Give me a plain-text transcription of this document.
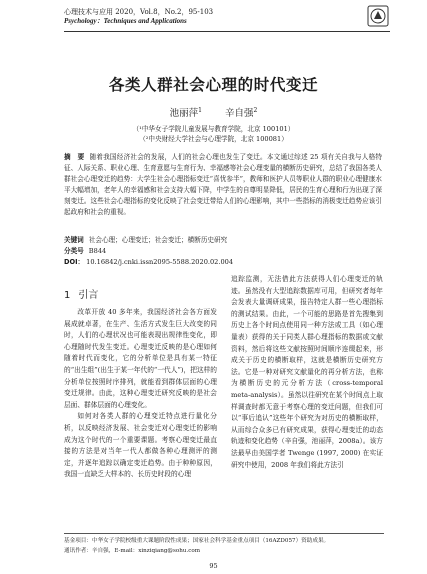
心理技术与应用 2020，Vol.8，No.2，95-103
Psychology：Techniques and Applications
各类人群社会心理的时代变迁
池丽萍$^1$ 辛自强$^2$
（¹中华女子学院儿童发展与教育学院，北京 100101）
（²中央财经大学社会与心理学院，北京 100081）
摘　要 随着我国经济社会的发展，人们的社会心理也发生了变迁。本文通过综述 25 项有关自我与人格特征、人际关系、职业心理、生育意愿与生育行为、幸福感等社会心理变量的横断历史研究，总结了我国各类人群社会心理变迁的趋势：大学生社会心理指标变迁“喜忧参半”，教师和医护人员等职业人群的职业心理健康水平大幅增加，老年人的幸福感和社会支持大幅下降，中学生的自尊明显降低，居民的生育心理和行为出现了深刻变迁。这些社会心理指标的变化反映了社会变迁带给人们的心理影响，其中一些指标的消极变迁趋势应该引起政府和社会的重视。
关键词 社会心理；心理变迁；社会变迁；横断历史研究
分类号 B844
DOI： 10.16842/j.cnki.issn2095-5588.2020.02.004
1 引言

改革开放 40 多年来，我国经济社会各方面发展成就卓著，在生产、生活方式发生巨大改变的同时，人们的心理状况也可能表现出规律性变化，即心理随时代发生变迁。心理变迁反映的是心理如何随着时代而变化，它的分析单位是具有某一特征的“出生组”(出生于某一年代的“一代人”)，把这样的分析单位按照时序排列，就能看到群体层面的心理变迁规律。由此，这种心理变迁研究反映的是社会层面、群体层面的心理变化。

如何对各类人群的心理变迁特点进行量化分析，以反映经济发展、社会变迁对心理变迁的影响成为这个时代的一个重要课题。考察心理变迁最直接的方法是对当年一代人都做各种心理测评的测定，并逐年追踪以确定变迁趋势。由于种种原因，我国一直缺乏大样本的、长历史时段的心理

追踪监测，无法借此方法获得人们心理变迁的轨迹。虽然没有大型追踪数据库可用，但研究者每年会发表大量调研成果，报告特定人群一些心理指标的测试结果。由此，一个可能的思路是首先搜集到历史上各个时间点使用同一种方法或工具（如心理量表）获得的关于同类人群心理指标的数据或文献资料，然后将这些文献按照时间顺序连缀起来，形成关于历史的横断取样，这就是横断历史研究方法。它是一种对研究文献量化的再分析方法，也称为横断历史的元分析方法（cross-temporal meta-analysis）。虽然以往研究在某个时间点上取样调查时都无意于考察心理的变迁问题，但我们可以“事后追认”这些年个研究为对历史的横断取样，从而综合众多已有研究成果，获得心理变迁的动态轨迹和变化趋势（辛自强，池丽萍，2008a）。该方法最早由美国学者 Twenge (1997, 2000) 在实证研究中使用，2008 年我们将此方法引

基金项目：中华女子学院校级重大课题阶段性成果；国家社会科学基金重点项目（16AZD057）资助成果。
通讯作者：辛自强，E-mail：xinziqiang@sohu.com
95
